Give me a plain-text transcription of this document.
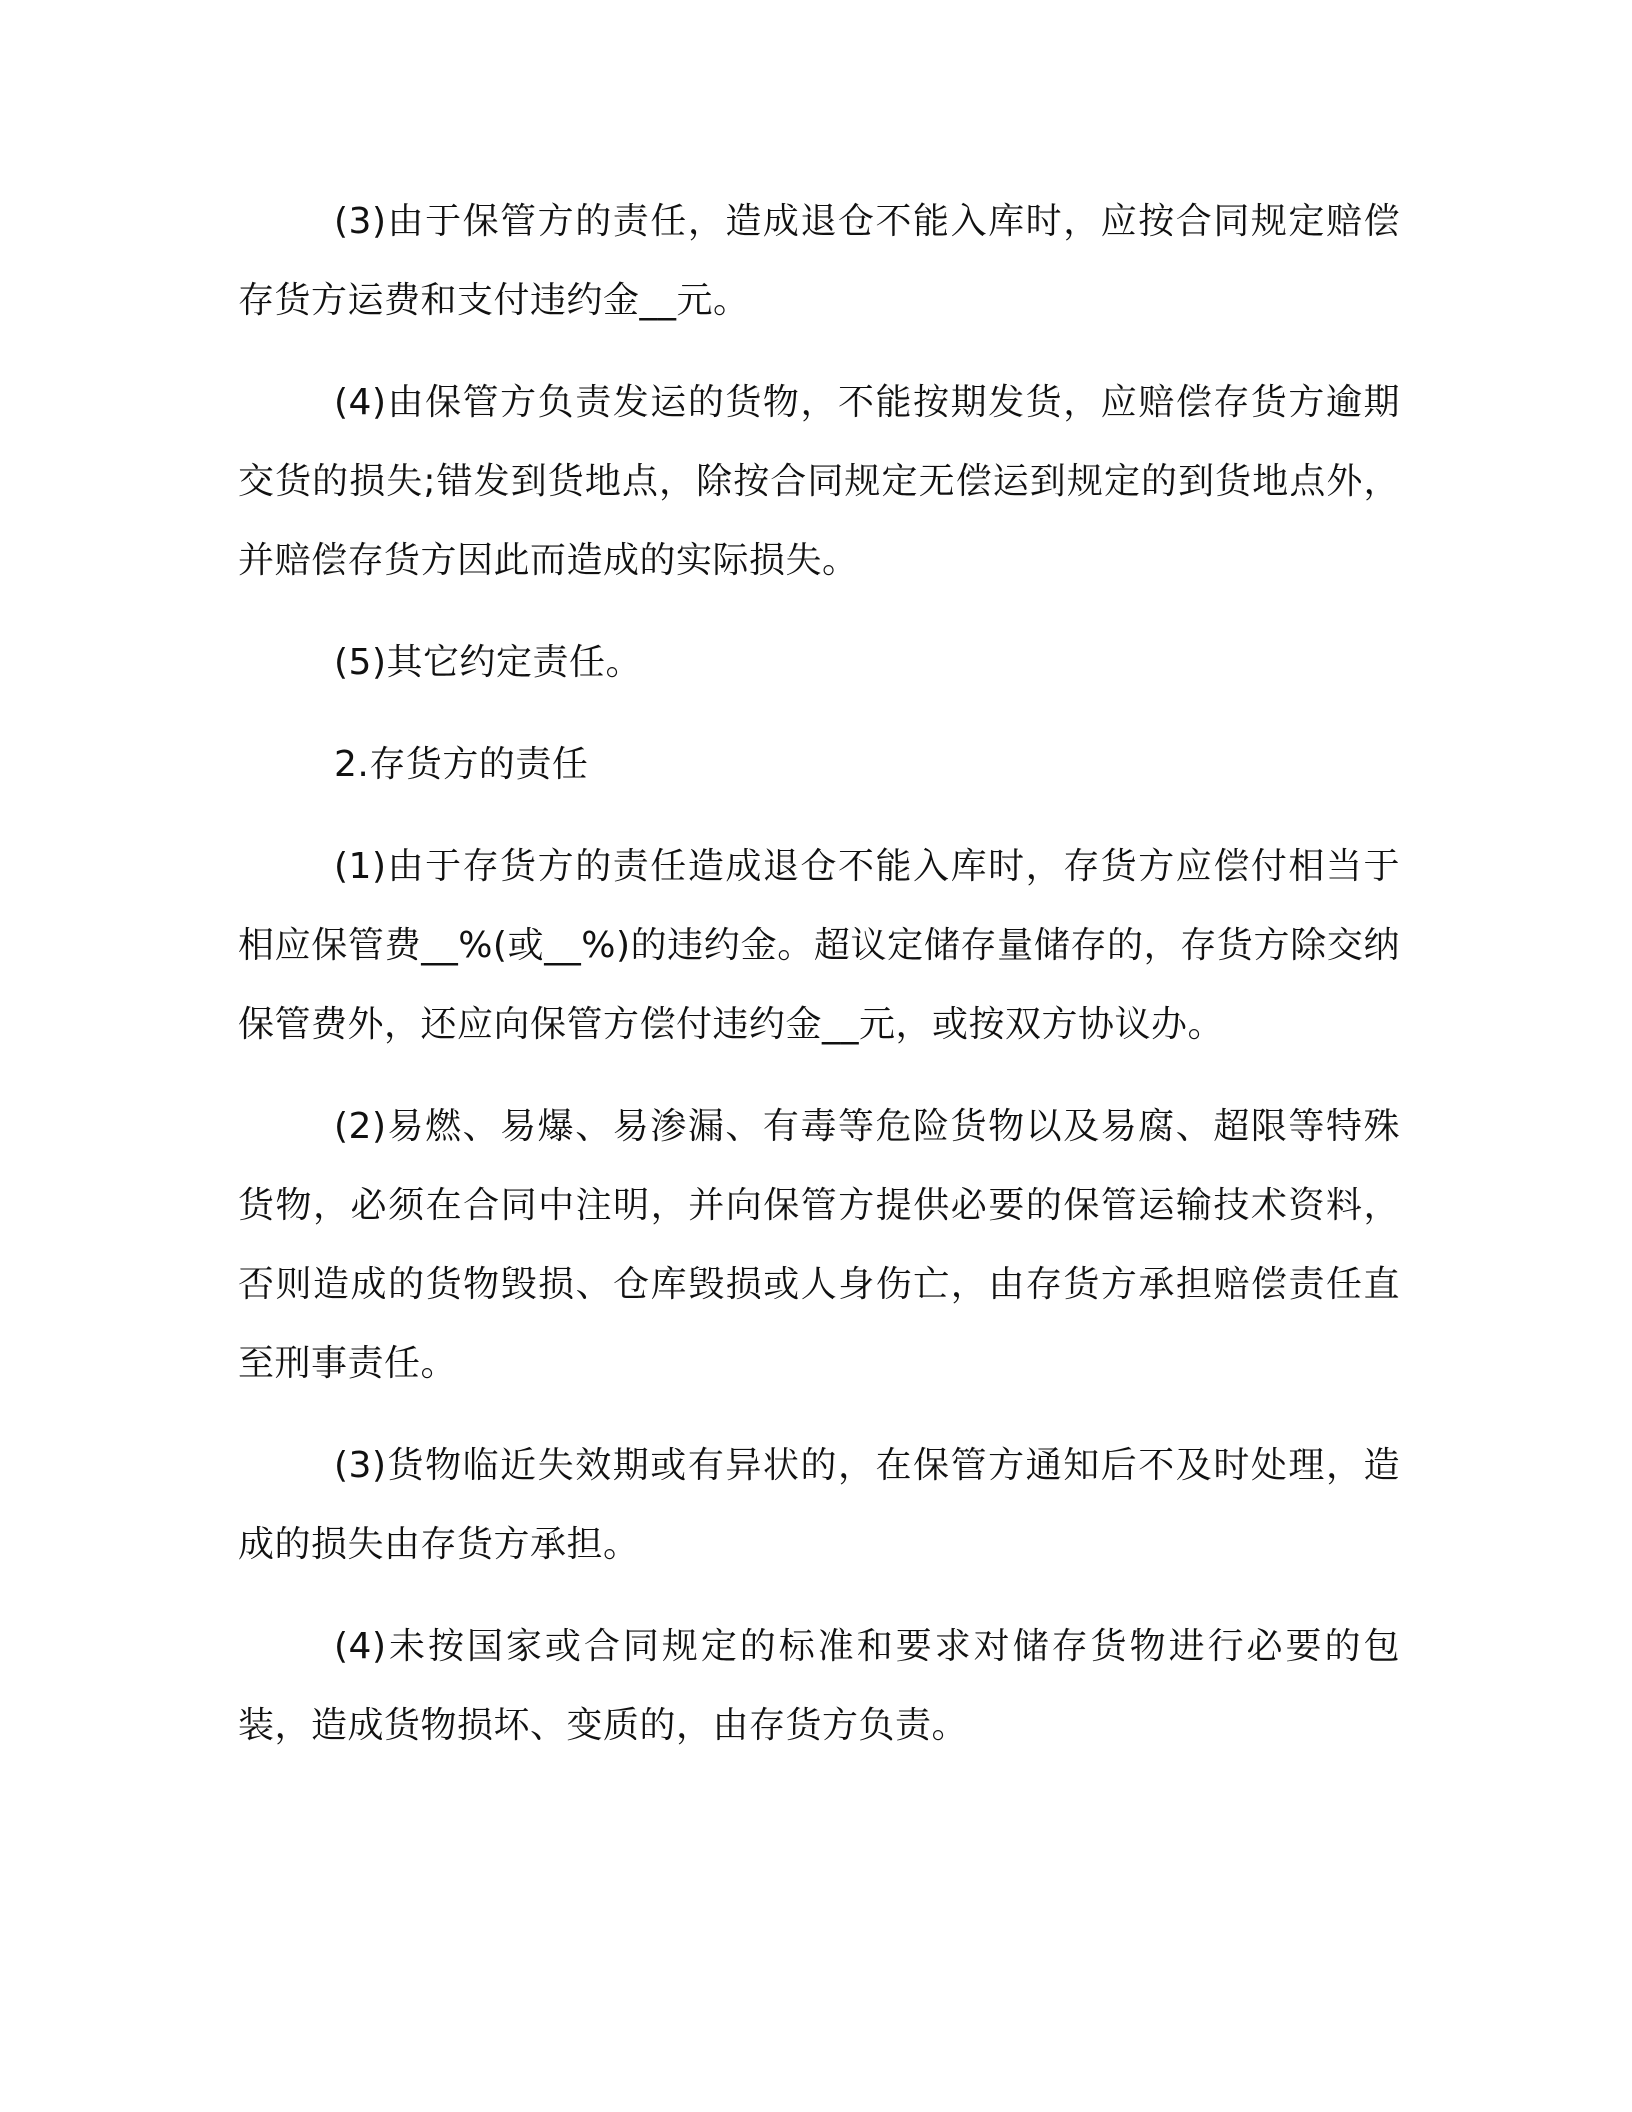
(3)由于保管方的责任，造成退仓不能入库时，应按合同规定赔偿存货方运费和支付违约金__元。

(4)由保管方负责发运的货物，不能按期发货，应赔偿存货方逾期交货的损失;错发到货地点，除按合同规定无偿运到规定的到货地点外，并赔偿存货方因此而造成的实际损失。

(5)其它约定责任。

2.存货方的责任

(1)由于存货方的责任造成退仓不能入库时，存货方应偿付相当于相应保管费__%(或__%)的违约金。超议定储存量储存的，存货方除交纳保管费外，还应向保管方偿付违约金__元，或按双方协议办。

(2)易燃、易爆、易渗漏、有毒等危险货物以及易腐、超限等特殊货物，必须在合同中注明，并向保管方提供必要的保管运输技术资料，否则造成的货物毁损、仓库毁损或人身伤亡，由存货方承担赔偿责任直至刑事责任。

(3)货物临近失效期或有异状的，在保管方通知后不及时处理，造成的损失由存货方承担。

(4)未按国家或合同规定的标准和要求对储存货物进行必要的包装，造成货物损坏、变质的，由存货方负责。
